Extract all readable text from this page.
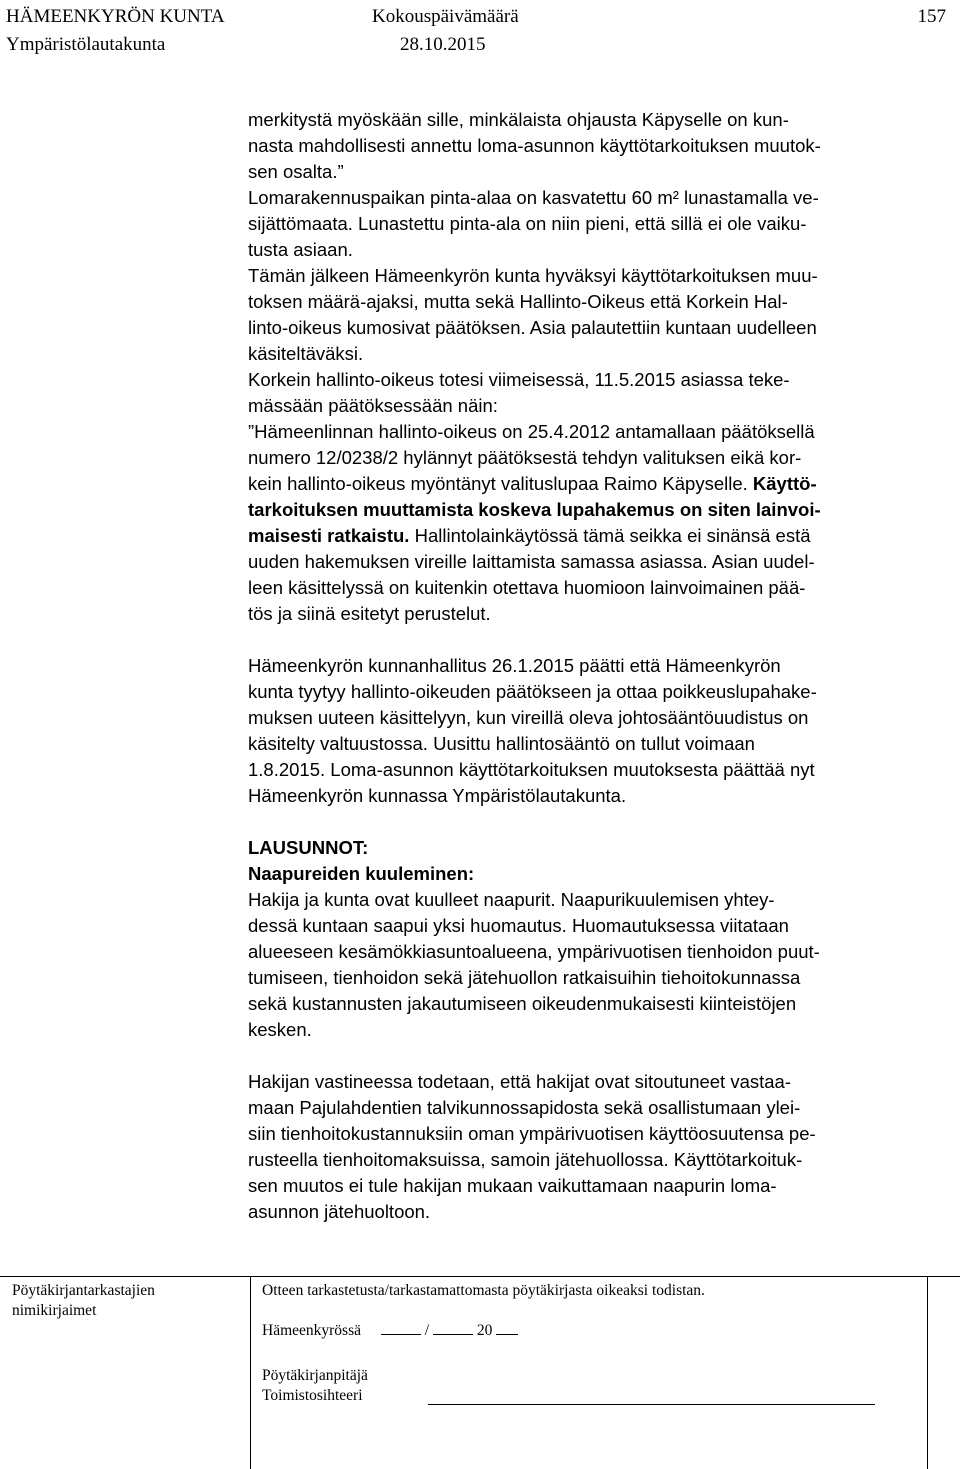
HÄMEENKYRÖN KUNTA
Ympäristölautakunta
Kokouspäivämäärä
28.10.2015
157

merkitystä myöskään sille, minkälaista ohjausta Käpyselle on kun-
nasta mahdollisesti annettu loma-asunnon käyttötarkoituksen muutok-
sen osalta.”

Lomarakennuspaikan pinta-alaa on kasvatettu 60 m² lunastamalla ve-
sijättömaata. Lunastettu pinta-ala on niin pieni, että sillä ei ole vaiku-
tusta asiaan.

Tämän jälkeen Hämeenkyrön kunta hyväksyi käyttötarkoituksen muu-
toksen määrä-ajaksi, mutta sekä Hallinto-Oikeus että Korkein Hal-
linto-oikeus kumosivat päätöksen. Asia palautettiin kuntaan uudelleen
käsiteltäväksi.

Korkein hallinto-oikeus totesi viimeisessä, 11.5.2015 asiassa teke-
mässään päätöksessään näin:
”Hämeenlinnan hallinto-oikeus on 25.4.2012 antamallaan päätöksellä
numero 12/0238/2 hylännyt päätöksestä tehdyn valituksen eikä kor-
kein hallinto-oikeus myöntänyt valituslupaa Raimo Käpyselle. Käyttö-
tarkoituksen muuttamista koskeva lupahakemus on siten lainvoi-
maisesti ratkaistu. Hallintolainkäytössä tämä seikka ei sinänsä estä
uuden hakemuksen vireille laittamista samassa asiassa. Asian uudel-
leen käsittelyssä on kuitenkin otettava huomioon lainvoimainen pää-
tös ja siinä esitetyt perustelut.

Hämeenkyrön kunnanhallitus 26.1.2015 päätti että Hämeenkyrön
kunta tyytyy hallinto-oikeuden päätökseen ja ottaa poikkeuslupahake-
muksen uuteen käsittelyyn, kun vireillä oleva johtosääntöuudistus on
käsitelty valtuustossa. Uusittu hallintosääntö on tullut voimaan
1.8.2015. Loma-asunnon käyttötarkoituksen muutoksesta päättää nyt
Hämeenkyrön kunnassa Ympäristölautakunta.

LAUSUNNOT:
Naapureiden kuuleminen:

Hakija ja kunta ovat kuulleet naapurit. Naapurikuulemisen yhtey-
dessä kuntaan saapui yksi huomautus. Huomautuksessa viitataan
alueeseen kesämökkiasuntoalueena, ympärivuotisen tienhoidon puut-
tumiseen, tienhoidon sekä jätehuollon ratkaisuihin tiehoitokunnassa
sekä kustannusten jakautumiseen oikeudenmukaisesti kiinteistöjen
kesken.

Hakijan vastineessa todetaan, että hakijat ovat sitoutuneet vastaa-
maan Pajulahdentien talvikunnossapidosta sekä osallistumaan ylei-
siin tienhoitokustannuksiin oman ympärivuotisen käyttöosuutensa pe-
rusteella tienhoitomaksuissa, samoin jätehuollossa. Käyttötarkoituk-
sen muutos ei tule hakijan mukaan vaikuttamaan naapurin loma-
asunnon jätehuoltoon.

Pöytäkirjantarkastajien
nimikirjaimet
Otteen tarkastetusta/tarkastamattomasta pöytäkirjasta oikeaksi todistan.
Hämeenkyrössä	/	20
Pöytäkirjanpitäjä
Toimistosihteeri
